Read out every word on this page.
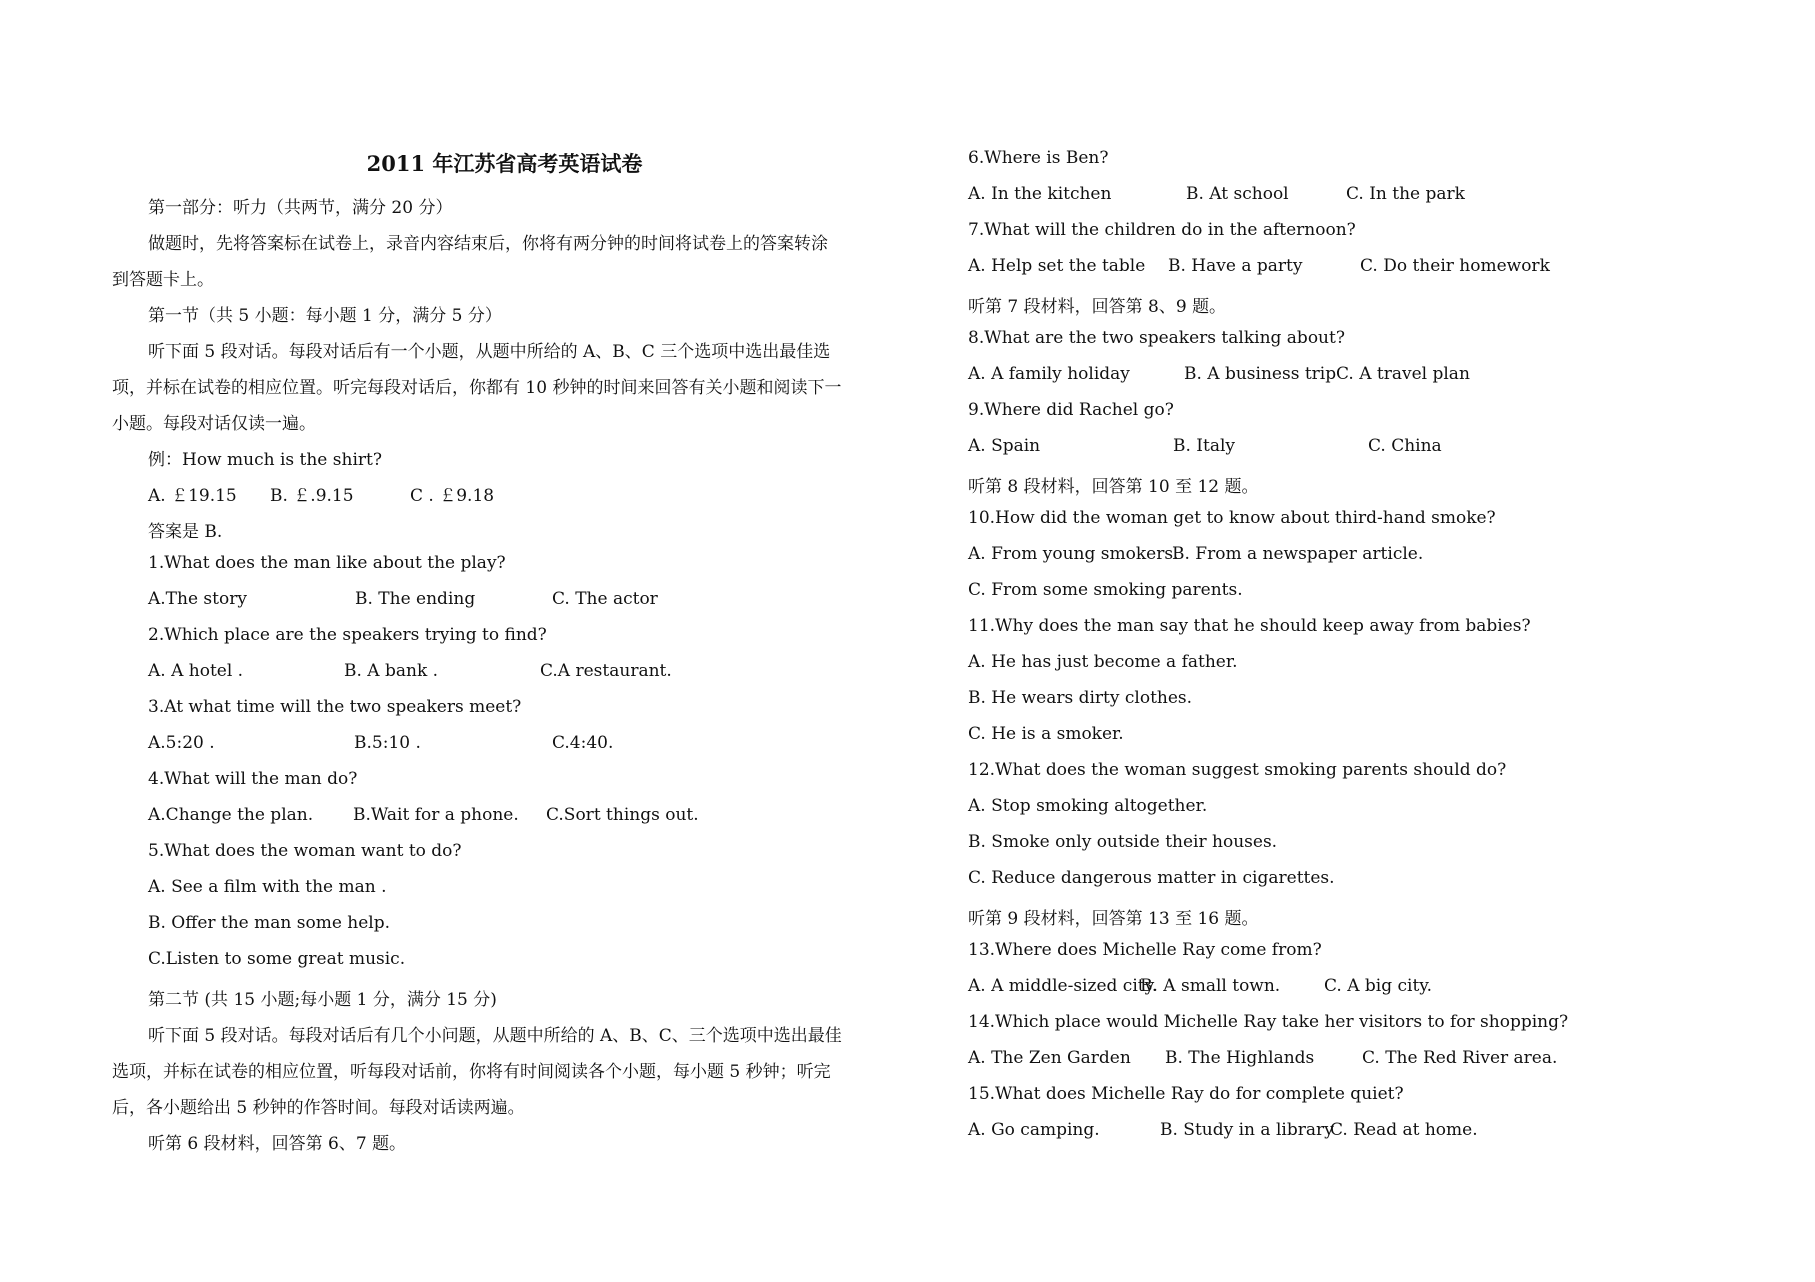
2011 年江苏省高考英语试卷
第一部分：听力（共两节，满分 20 分）
做题时，先将答案标在试卷上，录音内容结束后，你将有两分钟的时间将试卷上的答案转涂
到答题卡上。
第一节（共 5 小题：每小题 1 分，满分 5 分）
听下面 5 段对话。每段对话后有一个小题，从题中所给的 A、B、C 三个选项中选出最佳选
项，并标在试卷的相应位置。听完每段对话后，你都有 10 秒钟的时间来回答有关小题和阅读下一
小题。每段对话仅读一遍。
例：How much is the shirt?
A. ￡19.15 B. ￡.9.15	C . ￡9.18
答案是 B.
1.What does the man like about the play?
A.The story	B. The ending	C. The actor
2.Which place are the speakers trying to find?
A. A hotel .	B. A bank .	C.A restaurant.
3.At what time will the two speakers meet?
A.5:20 .	B.5:10 .	C.4:40.
4.What will the man do?
A.Change the plan. B.Wait for a phone. C.Sort things out.
5.What does the woman want to do?
A. See a film with the man .
B. Offer the man some help.
C.Listen to some great music.
第二节 (共 15 小题;每小题 1 分，满分 15 分)
听下面 5 段对话。每段对话后有几个小问题，从题中所给的 A、B、C、三个选项中选出最佳
选项，并标在试卷的相应位置，听每段对话前，你将有时间阅读各个小题，每小题 5 秒钟；听完
后，各小题给出 5 秒钟的作答时间。每段对话读两遍。
听第 6 段材料，回答第 6、7 题。
6.Where is Ben?
A. In the kitchen	B. At school	C. In the park
7.What will the children do in the afternoon?
A. Help set the table B. Have a party	C. Do their homework
听第 7 段材料，回答第 8、9 题。
8.What are the two speakers talking about?
A. A family holiday	B. A business trip C. A travel plan
9.Where did Rachel go?
A. Spain	B. Italy	C. China
听第 8 段材料，回答第 10 至 12 题。
10.How did the woman get to know about third-hand smoke?
A. From young smokers.
B. From a newspaper article.
C. From some smoking parents.
11.Why does the man say that he should keep away from babies?
A. He has just become a father.
B. He wears dirty clothes.
C. He is a smoker.
12.What does the woman suggest smoking parents should do?
A. Stop smoking altogether.
B. Smoke only outside their houses.
C. Reduce dangerous matter in cigarettes.
听第 9 段材料，回答第 13 至 16 题。
13.Where does Michelle Ray come from?
A. A middle-sized city.
B. A small town.	C. A big city.
14.Which place would Michelle Ray take her visitors to for shopping?
A. The Zen Garden B. The Highlands	C. The Red River area.
15.What does Michelle Ray do for complete quiet?
A. Go camping.	B. Study in a library
C. Read at home.
